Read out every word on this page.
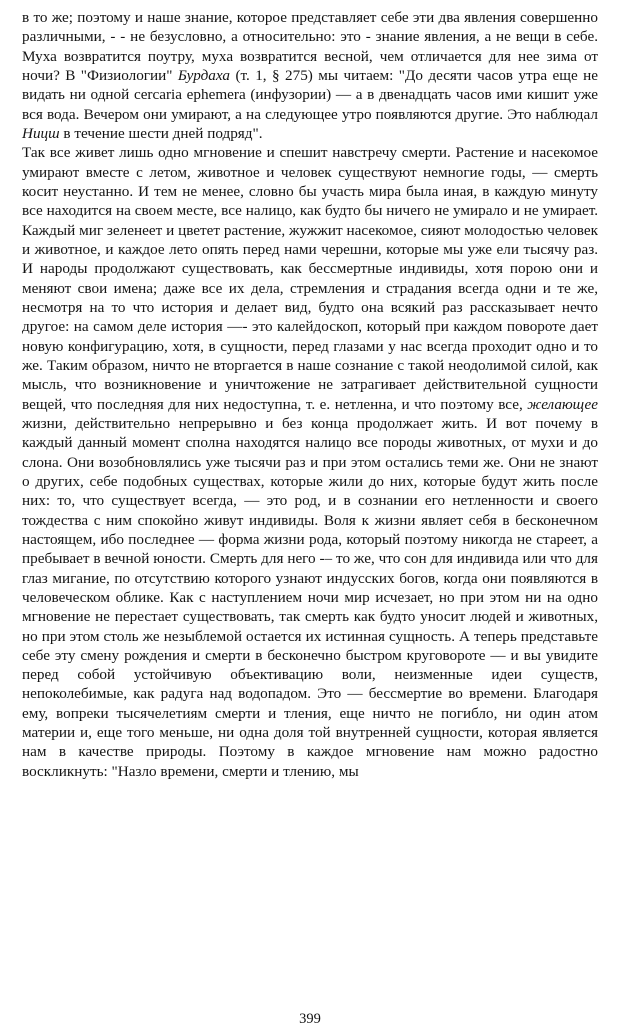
в то же; поэтому и наше знание, которое представляет себе эти два явления совершенно различными, - - не безусловно, а относительно: это - знание явления, а не вещи в себе. Муха возвратится поутру, муха возвратится весной, чем отличается для нее зима от ночи? В "Физиологии" Бурдаха (т. 1, § 275) мы читаем: "До десяти часов утра еще не видать ни одной cercaria ephemera (инфузории) — а в двенадцать часов ими кишит уже вся вода. Вечером они умирают, а на следующее утро появляются другие. Это наблюдал Ницш в течение шести дней подряд".

Так все живет лишь одно мгновение и спешит навстречу смерти. Растение и насекомое умирают вместе с летом, животное и человек существуют немногие годы, — смерть косит неустанно. И тем не менее, словно бы участь мира была иная, в каждую минуту все находится на своем месте, все налицо, как будто бы ничего не умирало и не умирает. Каждый миг зеленеет и цветет растение, жужжит насекомое, сияют молодостью человек и животное, и каждое лето опять перед нами черешни, которые мы уже ели тысячу раз. И народы продолжают существовать, как бессмертные индивиды, хотя порою они и меняют свои имена; даже все их дела, стремления и страдания всегда одни и те же, несмотря на то что история и делает вид, будто она всякий раз рассказывает нечто другое: на самом деле история —- это калейдоскоп, который при каждом повороте дает новую конфигурацию, хотя, в сущности, перед глазами у нас всегда проходит одно и то же. Таким образом, ничто не вторгается в наше сознание с такой неодолимой силой, как мысль, что возникновение и уничтожение не затрагивает действительной сущности вещей, что последняя для них недоступна, т. е. нетленна, и что поэтому все, желающее жизни, действительно непрерывно и без конца продолжает жить. И вот почему в каждый данный момент сполна находятся налицо все породы животных, от мухи и до слона. Они возобновлялись уже тысячи раз и при этом остались теми же. Они не знают о других, себе подобных существах, которые жили до них, которые будут жить после них: то, что существует всегда, — это род, и в сознании его нетленности и своего тождества с ним спокойно живут индивиды. Воля к жизни являет себя в бесконечном настоящем, ибо последнее — форма жизни рода, который поэтому никогда не стареет, а пребывает в вечной юности. Смерть для него -– то же, что сон для индивида или что для глаз мигание, по отсутствию которого узнают индусских богов, когда они появляются в человеческом облике. Как с наступлением ночи мир исчезает, но при этом ни на одно мгновение не перестает существовать, так смерть как будто уносит людей и животных, но при этом столь же незыблемой остается их истинная сущность. А теперь представьте себе эту смену рождения и смерти в бесконечно быстром круговороте — и вы увидите перед собой устойчивую объективацию воли, неизменные идеи существ, непоколебимые, как радуга над водопадом. Это — бессмертие во времени. Благодаря ему, вопреки тысячелетиям смерти и тления, еще ничто не погибло, ни один атом материи и, еще того меньше, ни одна доля той внутренней сущности, которая является нам в качестве природы. Поэтому в каждое мгновение нам можно радостно воскликнуть: "Назло времени, смерти и тлению, мы

399
